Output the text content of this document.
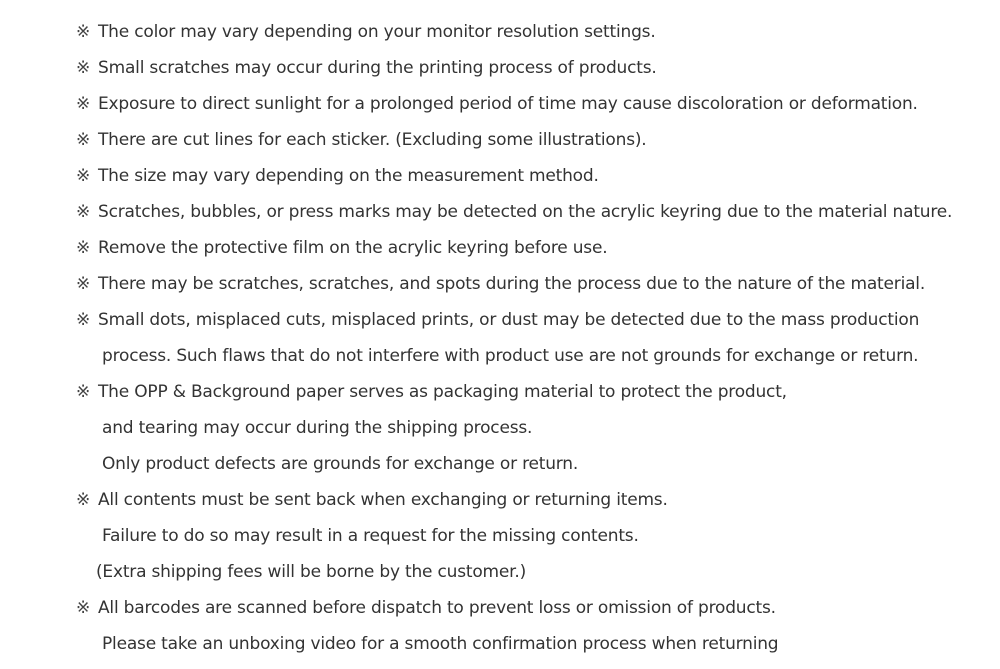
※ The color may vary depending on your monitor resolution settings.
※ Small scratches may occur during the printing process of products.
※ Exposure to direct sunlight for a prolonged period of time may cause discoloration or deformation.
※ There are cut lines for each sticker. (Excluding some illustrations).
※ The size may vary depending on the measurement method.
※ Scratches, bubbles, or press marks may be detected on the acrylic keyring due to the material nature.
※ Remove the protective film on the acrylic keyring before use.
※ There may be scratches, scratches, and spots during the process due to the nature of the material.
※ Small dots, misplaced cuts, misplaced prints, or dust may be detected due to the mass production
process. Such flaws that do not interfere with product use are not grounds for exchange or return.
※ The OPP & Background paper serves as packaging material to protect the product,
and tearing may occur during the shipping process.
Only product defects are grounds for exchange or return.
※ All contents must be sent back when exchanging or returning items.
Failure to do so may result in a request for the missing contents.
(Extra shipping fees will be borne by the customer.)
※ All barcodes are scanned before dispatch to prevent loss or omission of products.
Please take an unboxing video for a smooth confirmation process when returning
